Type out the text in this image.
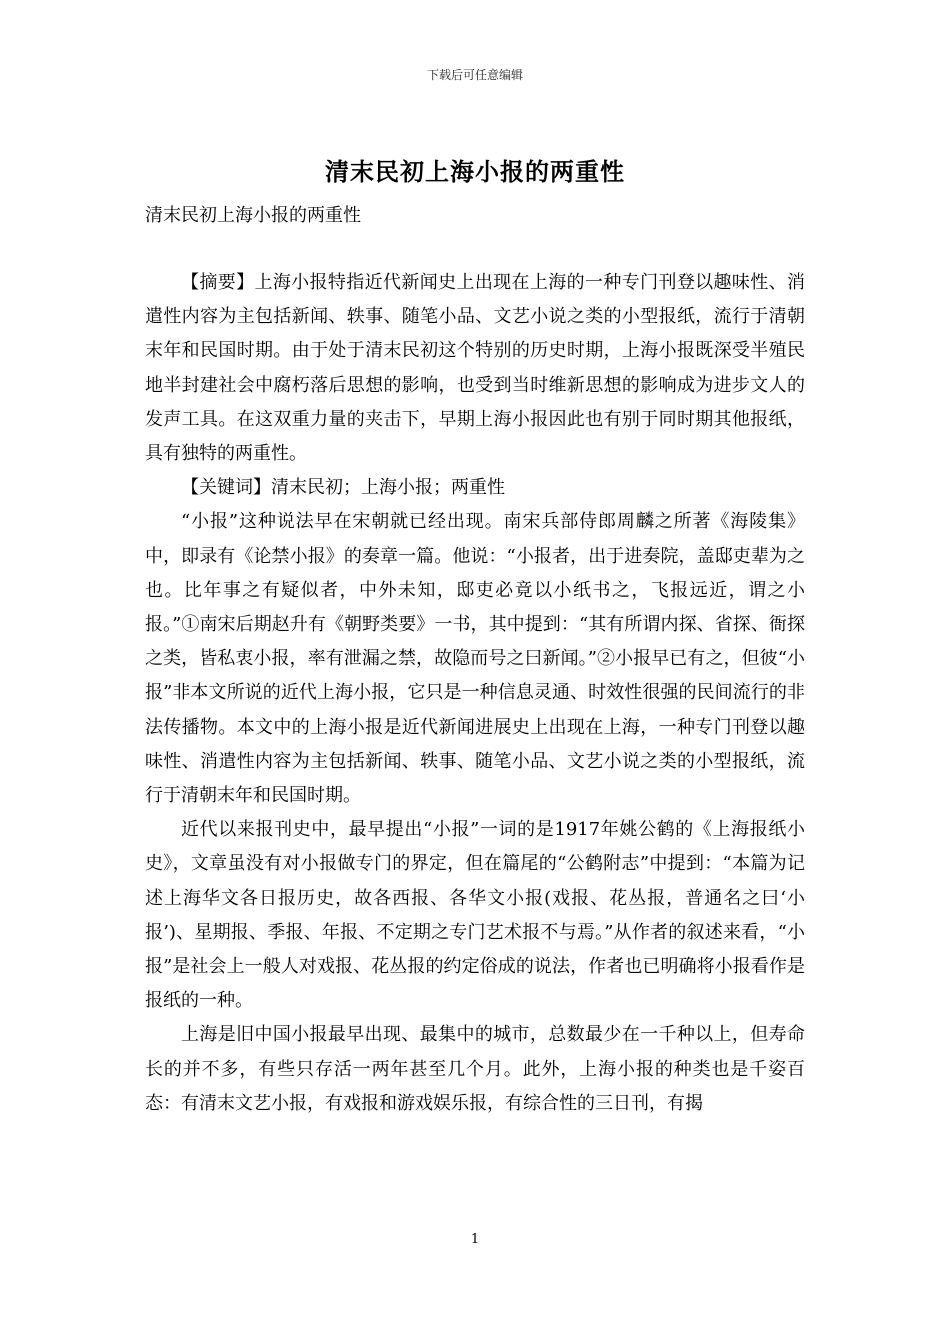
下载后可任意编辑
清末民初上海小报的两重性
清末民初上海小报的两重性

【摘要】上海小报特指近代新闻史上出现在上海的一种专门刊登以趣味性、消遣性内容为主包括新闻、轶事、随笔小品、文艺小说之类的小型报纸，流行于清朝末年和民国时期。由于处于清末民初这个特别的历史时期，上海小报既深受半殖民地半封建社会中腐朽落后思想的影响，也受到当时维新思想的影响成为进步文人的发声工具。在这双重力量的夹击下，早期上海小报因此也有别于同时期其他报纸，具有独特的两重性。

【关键词】清末民初；上海小报；两重性

“小报”这种说法早在宋朝就已经出现。南宋兵部侍郎周麟之所著《海陵集》中，即录有《论禁小报》的奏章一篇。他说：“小报者，出于进奏院，盖邸吏辈为之也。比年事之有疑似者，中外未知，邸吏必竟以小纸书之，飞报远近，谓之小报。”①南宋后期赵升有《朝野类要》一书，其中提到：“其有所谓内探、省探、衙探之类，皆私衷小报，率有泄漏之禁，故隐而号之曰新闻。”②小报早已有之，但彼“小报”非本文所说的近代上海小报，它只是一种信息灵通、时效性很强的民间流行的非法传播物。本文中的上海小报是近代新闻进展史上出现在上海，一种专门刊登以趣味性、消遣性内容为主包括新闻、轶事、随笔小品、文艺小说之类的小型报纸，流行于清朝末年和民国时期。

近代以来报刊史中，最早提出“小报”一词的是1917年姚公鹤的《上海报纸小史》，文章虽没有对小报做专门的界定，但在篇尾的“公鹤附志”中提到：“本篇为记述上海华文各日报历史，故各西报、各华文小报(戏报、花丛报，普通名之曰‘小报’)、星期报、季报、年报、不定期之专门艺术报不与焉。”从作者的叙述来看，“小报”是社会上一般人对戏报、花丛报的约定俗成的说法，作者也已明确将小报看作是报纸的一种。

上海是旧中国小报最早出现、最集中的城市，总数最少在一千种以上，但寿命长的并不多，有些只存活一两年甚至几个月。此外，上海小报的种类也是千姿百态：有清末文艺小报，有戏报和游戏娱乐报，有综合性的三日刊，有揭

1
